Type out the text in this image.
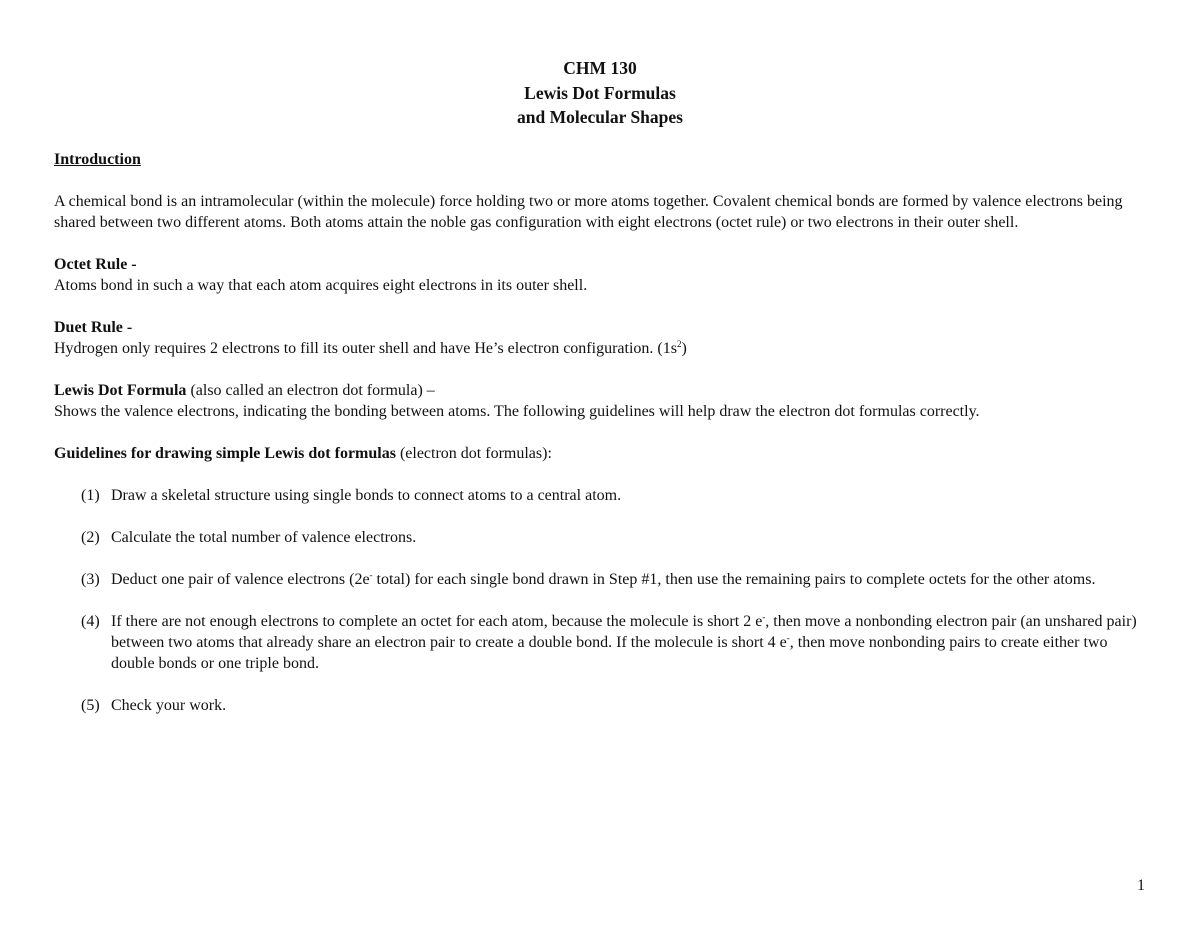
CHM 130
Lewis Dot Formulas
and Molecular Shapes

Introduction

A chemical bond is an intramolecular (within the molecule) force holding two or more atoms together. Covalent chemical bonds are formed by valence electrons being shared between two different atoms. Both atoms attain the noble gas configuration with eight electrons (octet rule) or two electrons in their outer shell.

Octet Rule -

Atoms bond in such a way that each atom acquires eight electrons in its outer shell.

Duet Rule -

Hydrogen only requires 2 electrons to fill its outer shell and have He’s electron configuration. $(1s^2)$

Lewis Dot Formula (also called an electron dot formula) –

Shows the valence electrons, indicating the bonding between atoms. The following guidelines will help draw the electron dot formulas correctly.

Guidelines for drawing simple Lewis dot formulas (electron dot formulas):

(1) Draw a skeletal structure using single bonds to connect atoms to a central atom.
(2) Calculate the total number of valence electrons.
(3) Deduct one pair of valence electrons (2e- total) for each single bond drawn in Step #1, then use the remaining pairs to complete octets for the other atoms.
(4) If there are not enough electrons to complete an octet for each atom, because the molecule is short 2 e-, then move a nonbonding electron pair (an unshared pair) between two atoms that already share an electron pair to create a double bond. If the molecule is short 4 e-, then move nonbonding pairs to create either two double bonds or one triple bond.
(5) Check your work.
1
